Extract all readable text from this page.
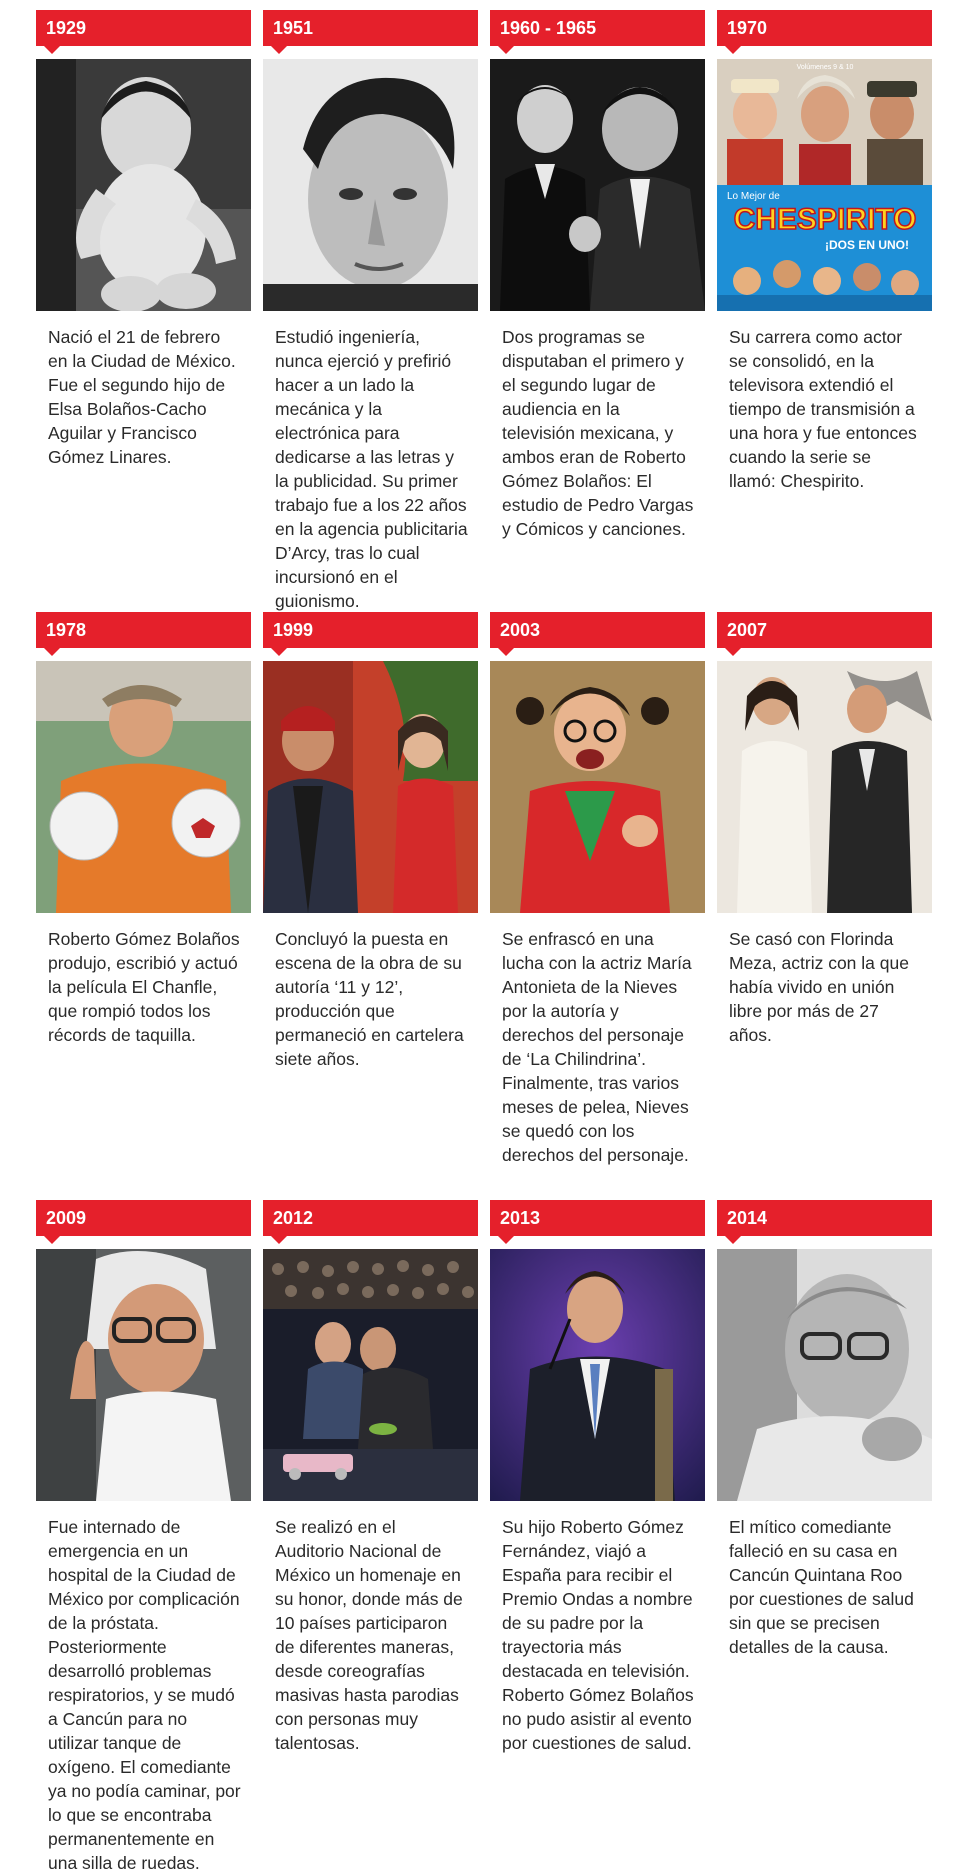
1929

Nació el 21 de febrero en la Ciudad de México. Fue el segundo hijo de Elsa Bolaños-Cacho Aguilar y Francisco Gómez Linares.

1951

Estudió ingeniería, nunca ejerció y prefirió hacer a un lado la mecánica y la electrónica para dedicarse a las letras y la publicidad. Su primer trabajo fue a los 22 años en la agencia publicitaria D’Arcy, tras lo cual incursionó en el guionismo.

1960 - 1965

Dos programas se disputaban el primero y el segundo lugar de audiencia en la televisión mexicana, y ambos eran de Roberto Gómez Bolaños: El estudio de Pedro Vargas y Cómicos y canciones.

1970
Volúmenes 9 & 10
Lo Mejor de
CHESPIRITO
¡DOS EN UNO!

Su carrera como actor se consolidó, en la televisora extendió el tiempo de transmisión a una hora y fue entonces cuando la serie se llamó: Chespirito.

1978

Roberto Gómez Bolaños produjo, escribió y actuó la película El Chanfle, que rompió todos los récords de taquilla.

1999

Concluyó la puesta en escena de la obra de su autoría ‘11 y 12’, producción que permaneció en cartelera siete años.

2003

Se enfrascó en una lucha con la actriz María Antonieta de la Nieves por la autoría y derechos del personaje de ‘La Chilindrina’. Finalmente, tras varios meses de pelea, Nieves se quedó con los derechos del personaje.

2007

Se casó con Florinda Meza, actriz con la que había vivido en unión libre por más de 27 años.

2009

Fue internado de emergencia en un hospital de la Ciudad de México por complicación de la próstata. Posteriormente desarrolló problemas respiratorios, y se mudó a Cancún para no utilizar tanque de oxígeno. El comediante ya no podía caminar, por lo que se encontraba permanentemente en una silla de ruedas.

2012

Se realizó en el Auditorio Nacional de México un homenaje en su honor, donde más de 10 países participaron de diferentes maneras, desde coreografías masivas hasta parodias con personas muy talentosas.

2013

Su hijo Roberto Gómez Fernández, viajó a España para recibir el Premio Ondas a nombre de su padre por la trayectoria más destacada en televisión. Roberto Gómez Bolaños no pudo asistir al evento por cuestiones de salud.

2014

El mítico comediante falleció en su casa en Cancún Quintana Roo por cuestiones de salud sin que se precisen detalles de la causa.
